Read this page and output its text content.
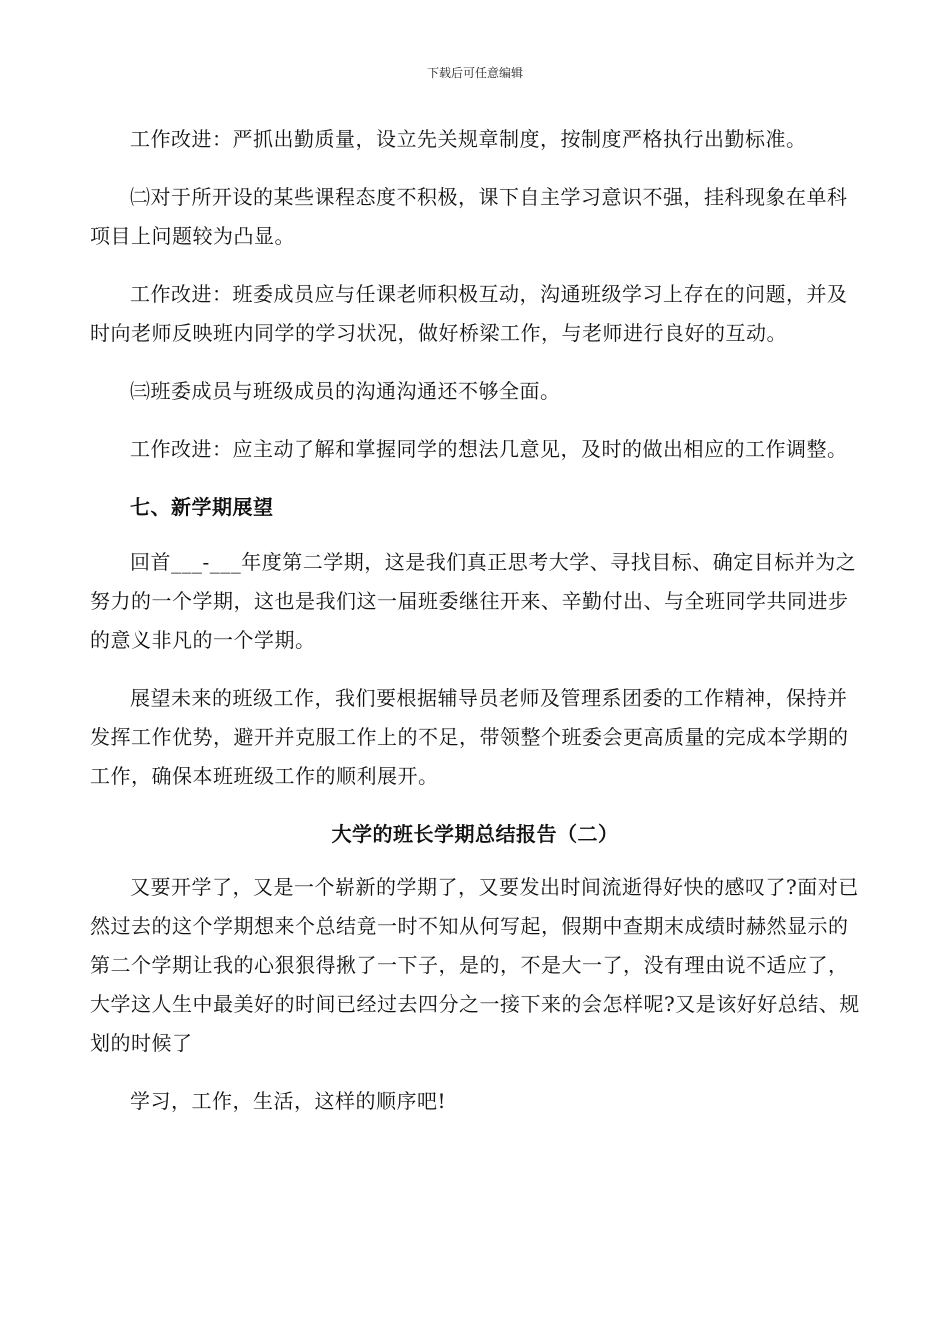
下载后可任意编辑

工作改进：严抓出勤质量，设立先关规章制度，按制度严格执行出勤标准。

㈡对于所开设的某些课程态度不积极，课下自主学习意识不强，挂科现象在单科项目上问题较为凸显。

工作改进：班委成员应与任课老师积极互动，沟通班级学习上存在的问题，并及时向老师反映班内同学的学习状况，做好桥梁工作，与老师进行良好的互动。

㈢班委成员与班级成员的沟通沟通还不够全面。

工作改进：应主动了解和掌握同学的想法几意见，及时的做出相应的工作调整。

七、新学期展望

回首___-___年度第二学期，这是我们真正思考大学、寻找目标、确定目标并为之努力的一个学期，这也是我们这一届班委继往开来、辛勤付出、与全班同学共同进步的意义非凡的一个学期。

展望未来的班级工作，我们要根据辅导员老师及管理系团委的工作精神，保持并发挥工作优势，避开并克服工作上的不足，带领整个班委会更高质量的完成本学期的工作，确保本班班级工作的顺利展开。

大学的班长学期总结报告（二）

又要开学了，又是一个崭新的学期了，又要发出时间流逝得好快的感叹了?面对已然过去的这个学期想来个总结竟一时不知从何写起，假期中查期末成绩时赫然显示的第二个学期让我的心狠狠得揪了一下子，是的，不是大一了，没有理由说不适应了，大学这人生中最美好的时间已经过去四分之一接下来的会怎样呢?又是该好好总结、规划的时候了

学习，工作，生活，这样的顺序吧!
